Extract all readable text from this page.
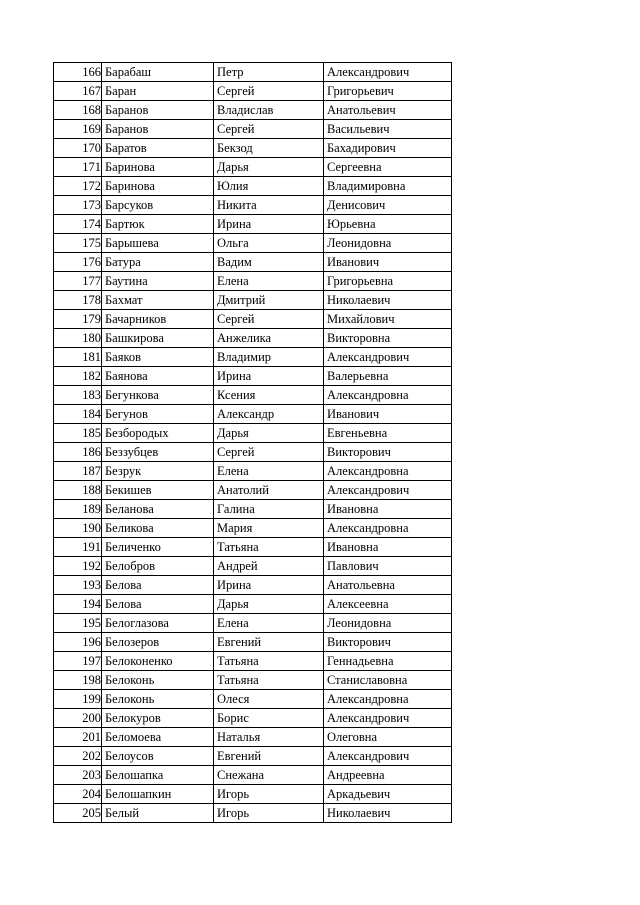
166	Барабаш	Петр	Александрович
167	Баран	Сергей	Григорьевич
168	Баранов	Владислав	Анатольевич
169	Баранов	Сергей	Васильевич
170	Баратов	Бекзод	Бахадирович
171	Баринова	Дарья	Сергеевна
172	Баринова	Юлия	Владимировна
173	Барсуков	Никита	Денисович
174	Бартюк	Ирина	Юрьевна
175	Барышева	Ольга	Леонидовна
176	Батура	Вадим	Иванович
177	Баутина	Елена	Григорьевна
178	Бахмат	Дмитрий	Николаевич
179	Бачарников	Сергей	Михайлович
180	Башкирова	Анжелика	Викторовна
181	Баяков	Владимир	Александрович
182	Баянова	Ирина	Валерьевна
183	Бегункова	Ксения	Александровна
184	Бегунов	Александр	Иванович
185	Безбородых	Дарья	Евгеньевна
186	Беззубцев	Сергей	Викторович
187	Безрук	Елена	Александровна
188	Бекишев	Анатолий	Александрович
189	Беланова	Галина	Ивановна
190	Беликова	Мария	Александровна
191	Беличенко	Татьяна	Ивановна
192	Белобров	Андрей	Павлович
193	Белова	Ирина	Анатольевна
194	Белова	Дарья	Алексеевна
195	Белоглазова	Елена	Леонидовна
196	Белозеров	Евгений	Викторович
197	Белоконенко	Татьяна	Геннадьевна
198	Белоконь	Татьяна	Станиславовна
199	Белоконь	Олеся	Александровна
200	Белокуров	Борис	Александрович
201	Беломоева	Наталья	Олеговна
202	Белоусов	Евгений	Александрович
203	Белошапка	Снежана	Андреевна
204	Белошапкин	Игорь	Аркадьевич
205	Белый	Игорь	Николаевич
